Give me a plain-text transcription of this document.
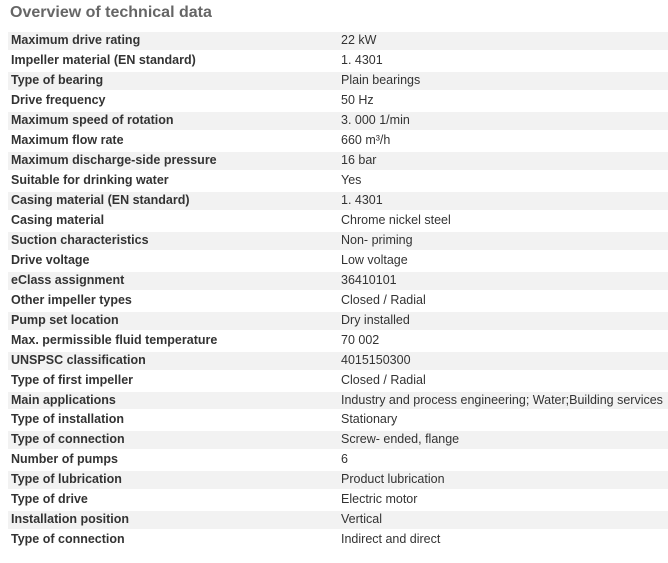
Overview of technical data
Maximum drive rating	22 kW
Impeller material (EN standard)	1. 4301
Type of bearing	Plain bearings
Drive frequency	50 Hz
Maximum speed of rotation	3. 000 1/min
Maximum flow rate	660 m³/h
Maximum discharge-side pressure	16 bar
Suitable for drinking water	Yes
Casing material (EN standard)	1. 4301
Casing material	Chrome nickel steel
Suction characteristics	Non- priming
Drive voltage	Low voltage
eClass assignment	36410101
Other impeller types	Closed / Radial
Pump set location	Dry installed
Max. permissible fluid temperature	70 002
UNSPSC classification	4015150300
Type of first impeller	Closed / Radial
Main applications	Industry and process engineering; Water;Building services
Type of installation	Stationary
Type of connection	Screw- ended, flange
Number of pumps	6
Type of lubrication	Product lubrication
Type of drive	Electric motor
Installation position	Vertical
Type of connection	Indirect and direct
